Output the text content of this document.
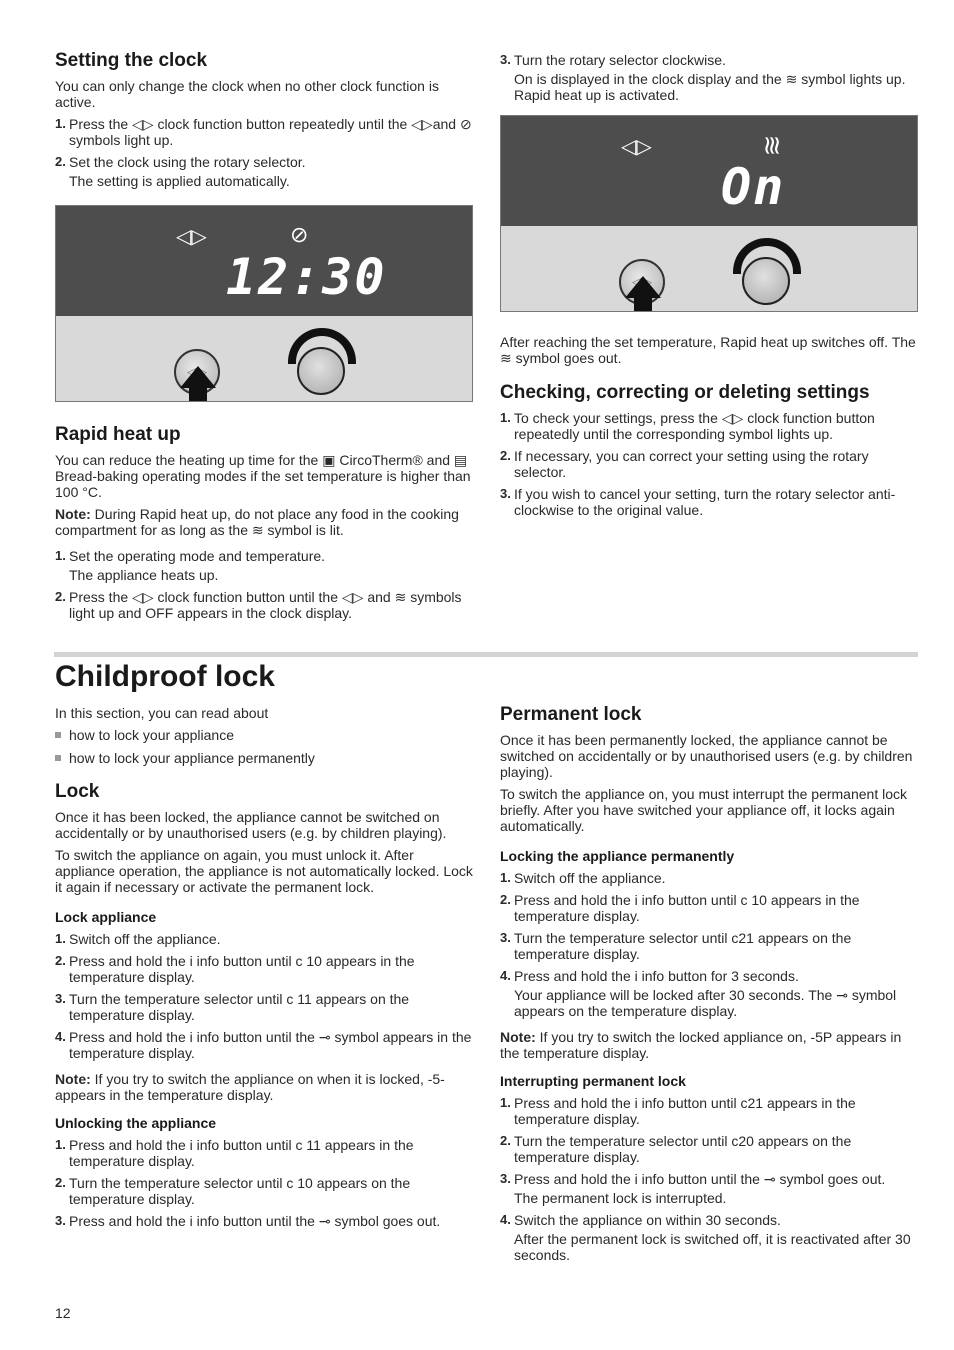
Setting the clock

You can only change the clock when no other clock function is active.

1. Press the ◁▷ clock function button repeatedly until the ◁▷and ⊘ symbols light up.
2. Set the clock using the rotary selector.
The setting is applied automatically.
◁▷	⊘
12:30
◁▷
Rapid heat up

You can reduce the heating up time for the ▣ CircoTherm® and ▤ Bread-baking operating modes if the set temperature is higher than 100 °C.

Note: During Rapid heat up, do not place any food in the cooking compartment for as long as the ≋ symbol is lit.

1. Set the operating mode and temperature.
The appliance heats up.
2. Press the ◁▷ clock function button until the ◁▷ and ≋ symbols light up and OFF appears in the clock display.
3. Turn the rotary selector clockwise.
On is displayed in the clock display and the ≋ symbol lights up. Rapid heat up is activated.
◁▷	≋
On
◁▷

After reaching the set temperature, Rapid heat up switches off. The ≋ symbol goes out.

Checking, correcting or deleting settings
1. To check your settings, press the ◁▷ clock function button repeatedly until the corresponding symbol lights up.
2. If necessary, you can correct your setting using the rotary selector.
3. If you wish to cancel your setting, turn the rotary selector anti-clockwise to the original value.
Childproof lock

In this section, you can read about

how to lock your appliance
how to lock your appliance permanently
Lock

Once it has been locked, the appliance cannot be switched on accidentally or by unauthorised users (e.g. by children playing).

To switch the appliance on again, you must unlock it. After appliance operation, the appliance is not automatically locked. Lock it again if necessary or activate the permanent lock.

Lock appliance
1. Switch off the appliance.
2. Press and hold the i info button until c 10 appears in the temperature display.
3. Turn the temperature selector until c 11 appears on the temperature display.
4. Press and hold the i info button until the ⊸ symbol appears in the temperature display.

Note: If you try to switch the appliance on when it is locked, -5- appears in the temperature display.

Unlocking the appliance
1. Press and hold the i info button until c 11 appears in the temperature display.
2. Turn the temperature selector until c 10 appears on the temperature display.
3. Press and hold the i info button until the ⊸ symbol goes out.
Permanent lock

Once it has been permanently locked, the appliance cannot be switched on accidentally or by unauthorised users (e.g. by children playing).

To switch the appliance on, you must interrupt the permanent lock briefly. After you have switched your appliance off, it locks again automatically.

Locking the appliance permanently
1. Switch off the appliance.
2. Press and hold the i info button until c 10 appears in the temperature display.
3. Turn the temperature selector until c21 appears on the temperature display.
4. Press and hold the i info button for 3 seconds.
Your appliance will be locked after 30 seconds. The ⊸ symbol appears on the temperature display.

Note: If you try to switch the locked appliance on, -5P appears in the temperature display.

Interrupting permanent lock
1. Press and hold the i info button until c21 appears in the temperature display.
2. Turn the temperature selector until c20 appears on the temperature display.
3. Press and hold the i info button until the ⊸ symbol goes out.
The permanent lock is interrupted.
4. Switch the appliance on within 30 seconds.
After the permanent lock is switched off, it is reactivated after 30 seconds.
12
